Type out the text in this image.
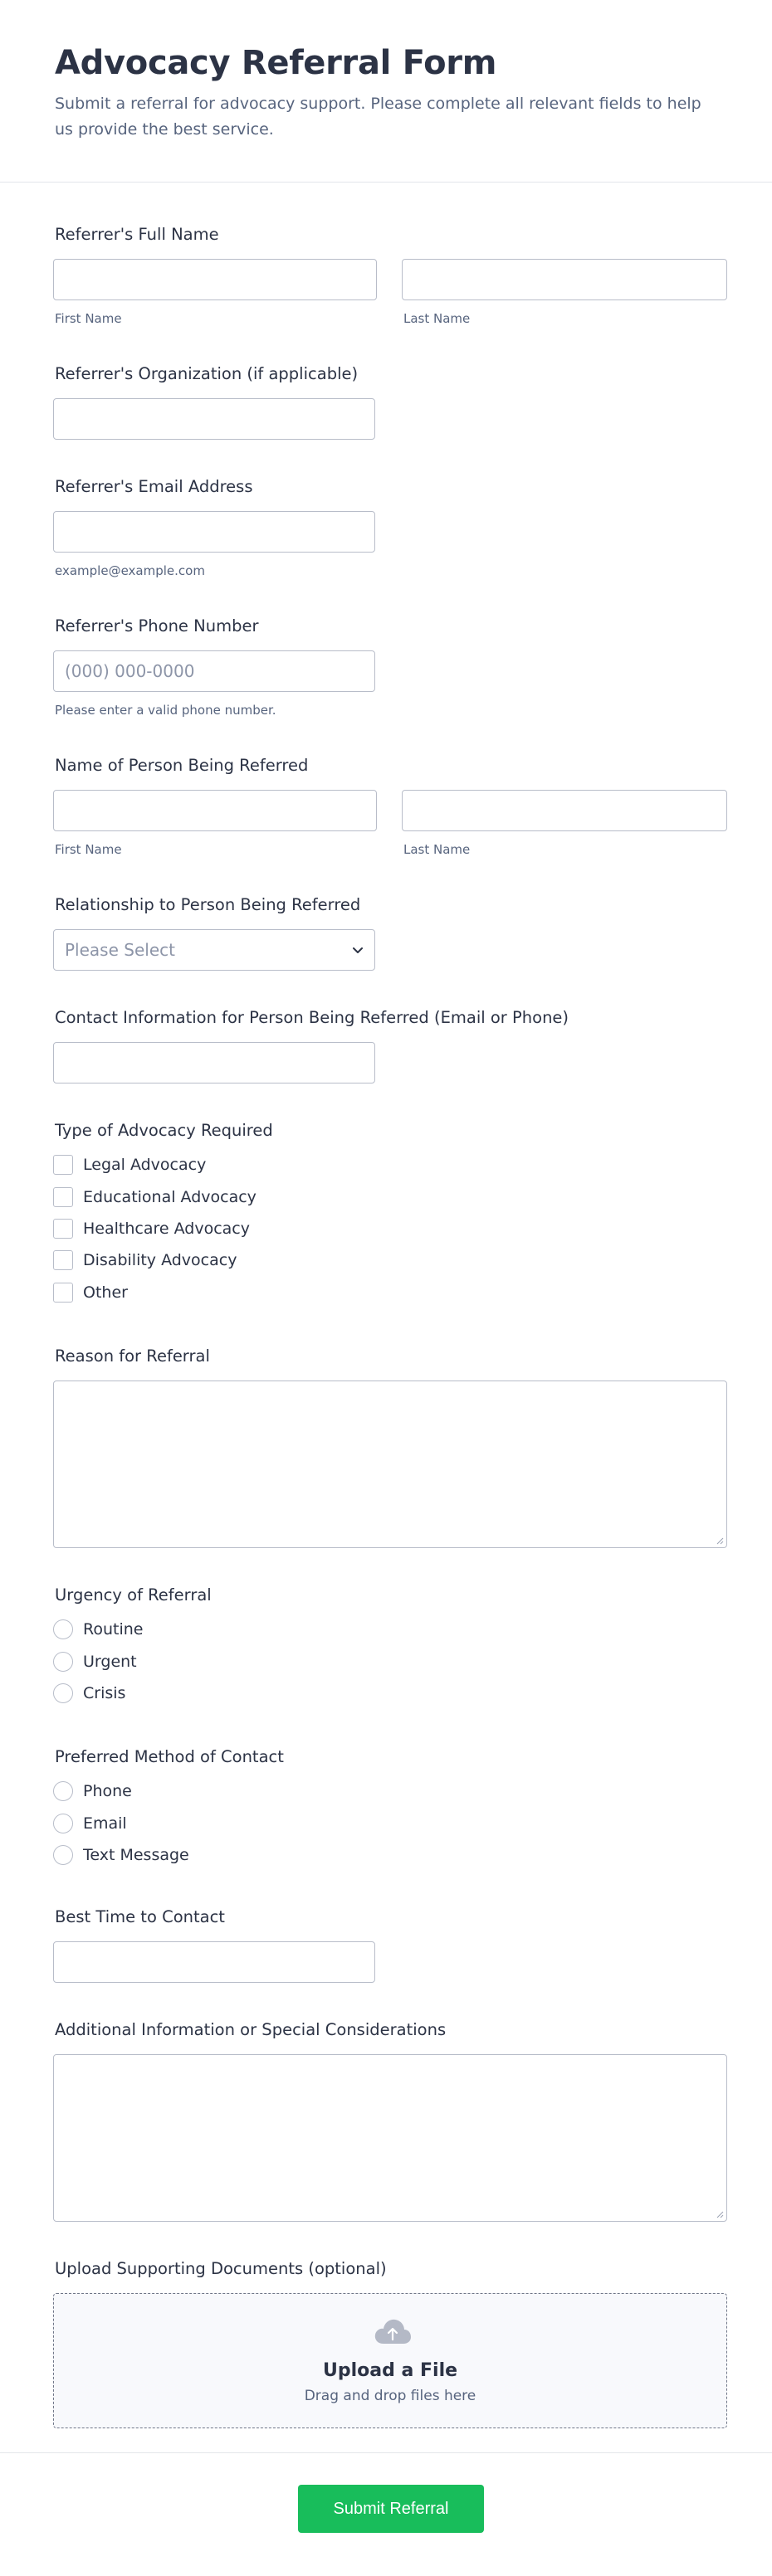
Advocacy Referral Form

Submit a referral for advocacy support. Please complete all relevant fields to help us provide the best service.

Referrer's Full Name
First Name	Last Name
Referrer's Organization (if applicable)
Referrer's Email Address
example@example.com
Referrer's Phone Number
(000) 000-0000
Please enter a valid phone number.
Name of Person Being Referred
First Name	Last Name
Relationship to Person Being Referred
Please Select
Contact Information for Person Being Referred (Email or Phone)
Type of Advocacy Required
Legal Advocacy
Educational Advocacy
Healthcare Advocacy
Disability Advocacy
Other
Reason for Referral
Urgency of Referral
Routine
Urgent
Crisis
Preferred Method of Contact
Phone
Email
Text Message
Best Time to Contact
Additional Information or Special Considerations
Upload Supporting Documents (optional)
Upload a File
Drag and drop files here
Submit Referral
